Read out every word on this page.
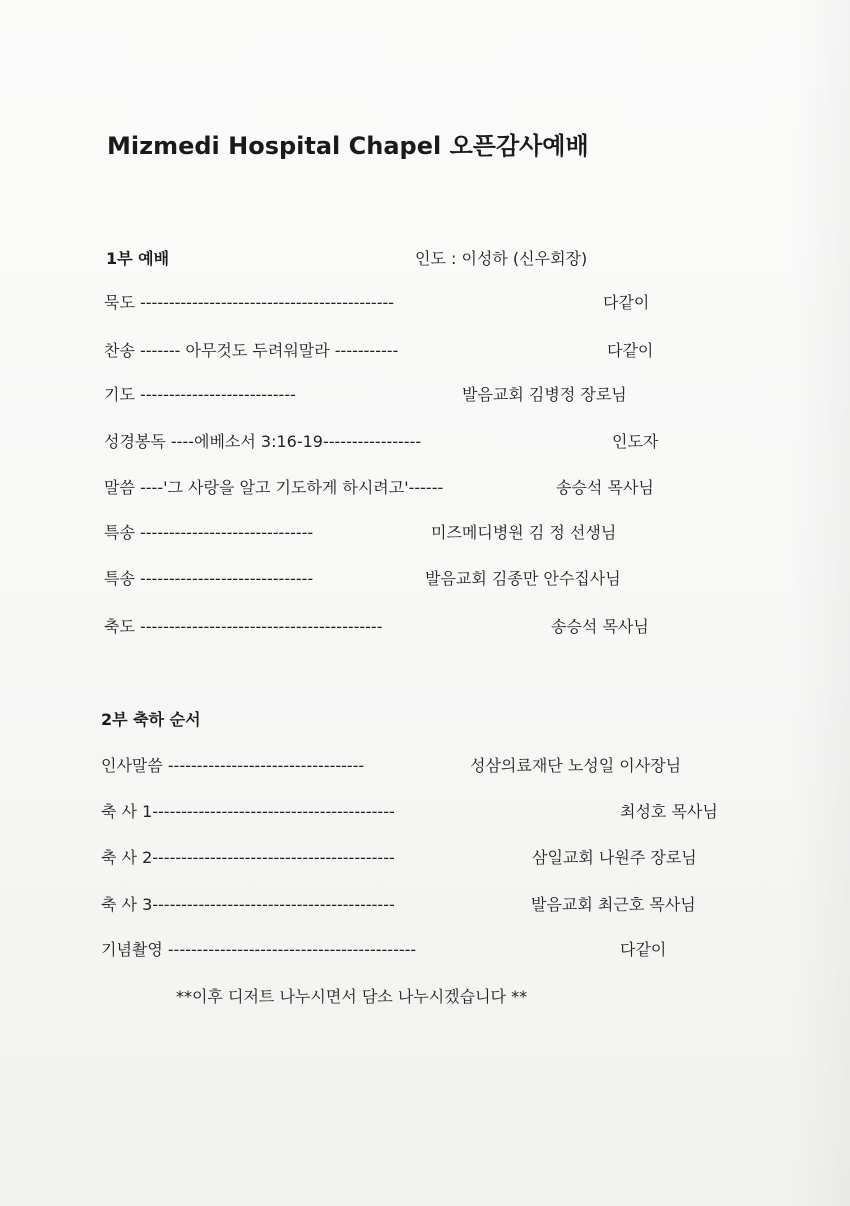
Mizmedi Hospital Chapel 오픈감사예배
1부 예배	인도 : 이성하 (신우회장)
묵도 --------------------------------------------	다같이
찬송 ------- 아무것도 두려워말라 -----------	다같이
기도 ---------------------------	발음교회 김병정 장로님
성경봉독 ----에베소서 3:16-19-----------------	인도자
말씀 ----'그 사랑을 알고 기도하게 하시려고'------	송승석 목사님
특송 ------------------------------	미즈메디병원 김 정 선생님
특송 ------------------------------	발음교회 김종만 안수집사님
축도 ------------------------------------------	송승석 목사님
2부 축하 순서
인사말씀 ----------------------------------	성삼의료재단 노성일 이사장님
축 사 1------------------------------------------	최성호 목사님
축 사 2------------------------------------------	삼일교회 나원주 장로님
축 사 3------------------------------------------	발음교회 최근호 목사님
기념촬영 -------------------------------------------	다같이
**이후 디저트 나누시면서 담소 나누시겠습니다 **
